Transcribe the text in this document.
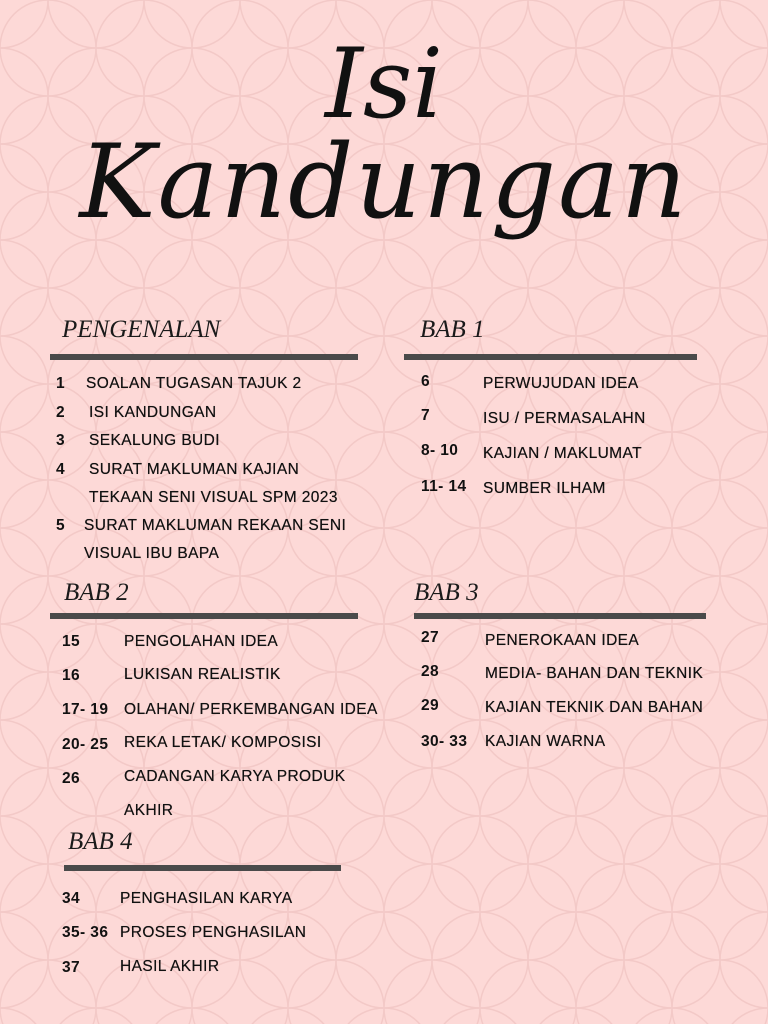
Isi
Kandungan
PENGENALAN
1 SOALAN TUGASAN TAJUK 2
2 ISI KANDUNGAN
3 SEKALUNG BUDI
4 SURAT MAKLUMAN KAJIAN
TEKAAN SENI VISUAL SPM 2023
5 SURAT MAKLUMAN REKAAN SENI
VISUAL IBU BAPA
BAB 1
6	PERWUJUDAN IDEA
7	ISU / PERMASALAHN
8- 10 KAJIAN / MAKLUMAT
11- 14 SUMBER ILHAM
BAB 2
15	PENGOLAHAN IDEA
16	LUKISAN REALISTIK
17- 19 OLAHAN/ PERKEMBANGAN IDEA
20- 25 REKA LETAK/ KOMPOSISI
26	CADANGAN KARYA PRODUK
AKHIR
BAB 3
27	PENEROKAAN IDEA
28	MEDIA- BAHAN DAN TEKNIK
29	KAJIAN TEKNIK DAN BAHAN
30- 33 KAJIAN WARNA
BAB 4
34	PENGHASILAN KARYA
35- 36 PROSES PENGHASILAN
37	HASIL AKHIR
